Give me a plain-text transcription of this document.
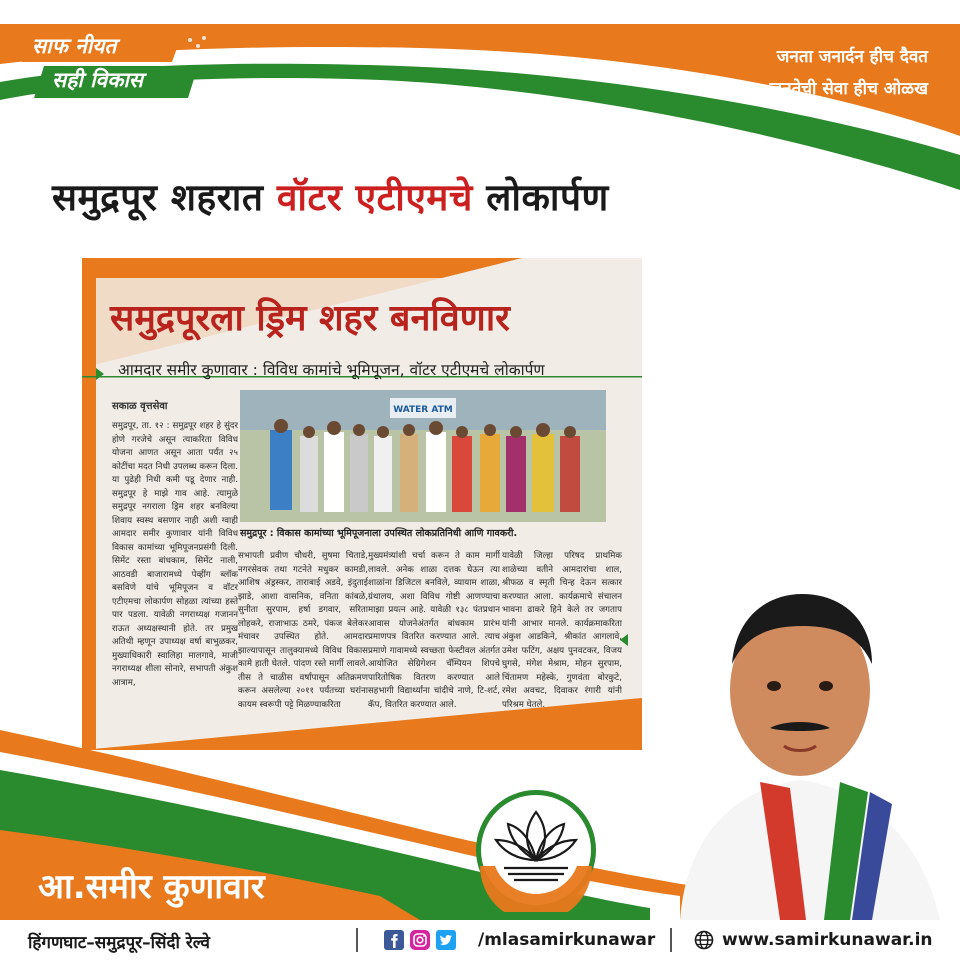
साफ नीयत
सही विकास
जनता जनार्दन हीच दैवत
जनतेची सेवा हीच ओळख
समुद्रपूर शहरात वॉटर एटीएमचे लोकार्पण
समुद्रपूरला ड्रिम शहर बनविणार
आमदार समीर कुणावार : विविध कामांचे भूमिपूजन, वॉटर एटीएमचे लोकार्पण
सकाळ वृत्तसेवा	WATER ATM
समुद्रपूर : विकास कामांच्या भूमिपूजनाला उपस्थित लोकप्रतिनिधी आणि गावकरी.
समुद्रपूर, ता. १२ : समुद्रपूर शहर हे सुंदर होणे गरजेचे असून त्याकरिता विविध योजना आणत असून आता पर्यंत २५ कोटींचा मदत निधी उपलब्ध करून दिला. या पुढेही निधी कमी पडू देणार नाही. समुद्रपूर हे माझे गाव आहे. त्यामुळे समुद्रपूर नगराला ड्रिम शहर बनविल्या शिवाय स्वस्थ बसणार नाही अशी ग्वाही आमदार समीर कुणावार यांनी विविध विकास कामांच्या भूमिपूजनप्रसंगी दिली. सिमेंट रस्ता बांधकाम, सिमेंट नाली, आठवडी बाजारामध्ये पेव्हींग ब्लॉक बसविणे यांचे भूमिपूजन व वॉटर एटीएमचा लोकार्पण सोहळा त्यांच्या हस्ते पार पडला. यावेळी नगराध्यक्ष गजानन राऊत अध्यक्षस्थानी होते. तर प्रमुख अतिथी म्हणून उपाध्यक्ष वर्षा बाभुळकर, मुख्याधिकारी स्वालिहा मालगावे, माजी नगराध्यक्ष शीला सोनारे, सभापती अंकुश आत्राम,
सभापती प्रवीण चौधरी, सुषमा चिताडे, नगरसेवक तथा गटनेते मधुकर कामडी, आशिष अंड्रस्कर, ताराबाई अडवे, इंदुताई झाडे, आशा वासनिक, वनिता कांबळे, सुनीता सुरपाम, हर्षा डगवार, सरिता लोहकरे, राजाभाऊ ठमरे, पंकज बेलेकर मंचावर उपस्थित होते. आमदार झाल्यापासून तालुक्यामध्ये विविध विकास कामे हाती घेतले. पांदण रस्ते मार्गी लावले. तीस ते चाळीस वर्षांपासून अतिक्रमण करून असलेल्या २०११ पर्यंतच्या घरांना कायम स्वरूपी पट्टे मिळण्याकरिता
मुख्यमंत्र्यांशी चर्चा करून ते काम मार्गी लावले. अनेक शाळा दत्तक घेऊन त्या शाळांना डिजिटल बनविले, व्यायाम शाळा, ग्रंथालय, अशा विविध गोष्टी आणण्याचा माझा प्रयत्न आहे. यावेळी १३८ पंतप्रधान आवास योजनेअंतर्गत बांधकाम प्रारंभ प्रमाणपत्र वितरित करण्यात आले. त्याच प्रमाणे गावामध्ये स्वच्छता फेस्टीवल अंतर्गत आयोजित सेग्रिगेशन चॅम्पियन शिपचे पारितोषिक वितरण करण्यात आले सहभागी विद्यार्थ्यांना चांदीचे नाणे, टि-शर्ट, कॅप, वितरित करण्यात आले.
यावेळी जिल्हा परिषद प्राथमिक शाळेच्या वतीने आमदारांचा शाल, श्रीफळ व स्मृती चिन्ह देऊन सत्कार करण्यात आला. कार्यक्रमाचे संचालन भावना ढाकरे हिने केले तर जगताप यांनी आभार मानले. कार्यक्रमाकरिता अंकुश आडकिने, श्रीकांत आगलावे, उमेश फटिंग, अक्षय पुनवटकर, विजय घुगसे, मंगेश मेश्राम, मोहन सुरपाम, चिंतामण महेस्के, गुणवंता बोरकुटे, रमेश अवचट, दिवाकर रंगारी यांनी परिश्रम घेतले.
आ.समीर कुणावार
हिंगणघाट–समुद्रपूर–सिंदी रेल्वे	/mlasamirkunawar	www.samirkunawar.in
